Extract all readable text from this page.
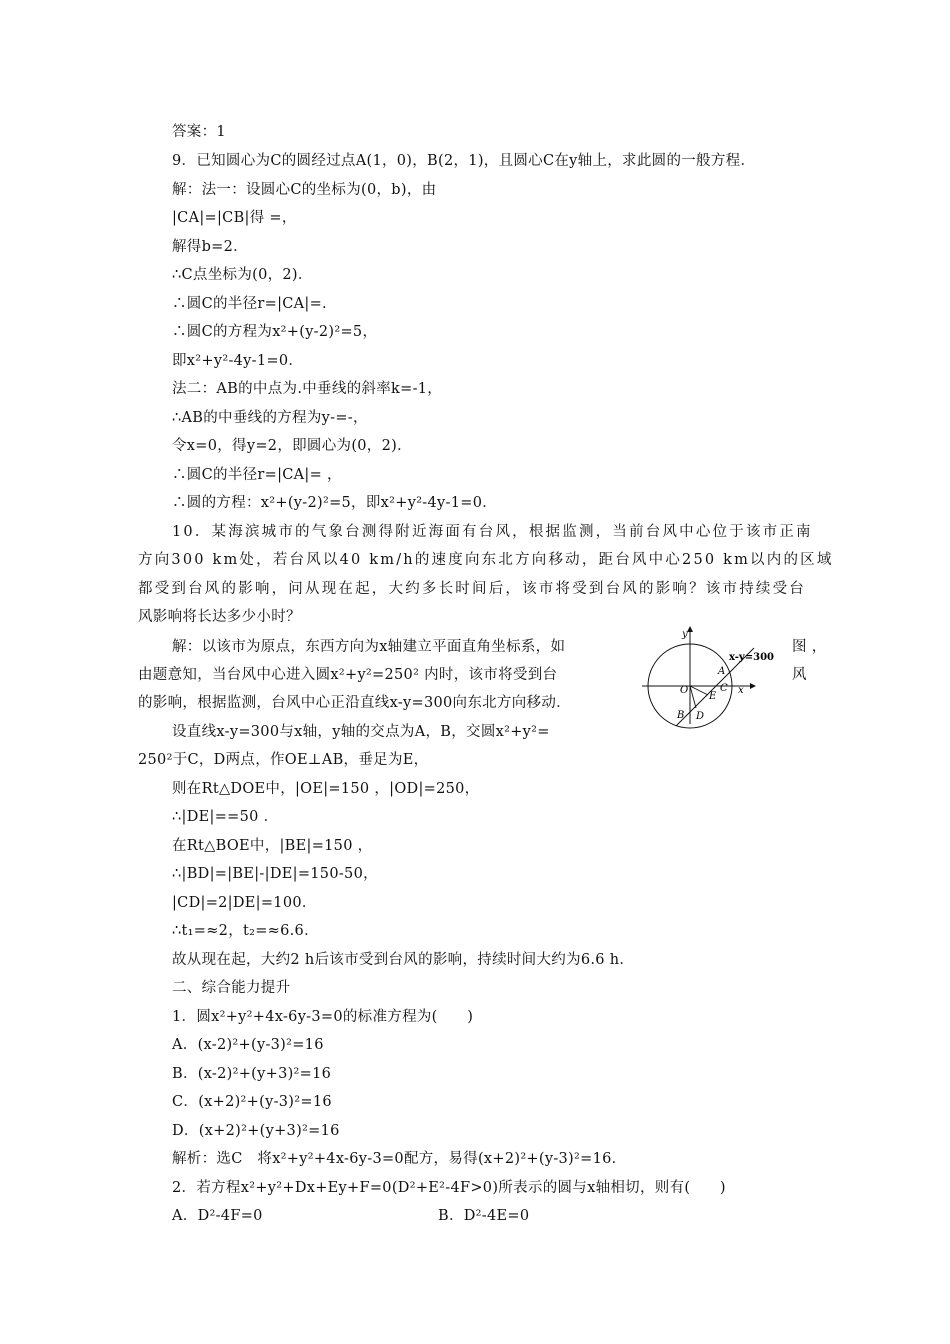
答案：1
9．已知圆心为C的圆经过点A(1，0)，B(2，1)，且圆心C在y轴上，求此圆的一般方程．
解：法一：设圆心C的坐标为(0，b)，由
|CA|=|CB|得 =，
解得b=2．
∴C点坐标为(0，2)．
∴圆C的半径r=|CA|=.
∴圆C的方程为x²+(y-2)²=5，
即x²+y²-4y-1=0．
法二：AB的中点为.中垂线的斜率k=-1，
∴AB的中垂线的方程为y-=-，
令x=0，得y=2，即圆心为(0，2)．
∴圆C的半径r=|CA|= ，
∴圆的方程：x²+(y-2)²=5，即x²+y²-4y-1=0．
10．某海滨城市的气象台测得附近海面有台风，根据监测，当前台风中心位于该市正南
方向300 km处，若台风以40 km/h的速度向东北方向移动，距台风中心250 km以内的区域
都受到台风的影响，问从现在起，大约多长时间后，该市将受到台风的影响？该市持续受台
风影响将长达多少小时？
解：以该市为原点，东西方向为x轴建立平面直角坐标系，如
由题意知，当台风中心进入圆x²+y²=250² 内时，该市将受到台
的影响，根据监测，台风中心正沿直线x-y=300向东北方向移动．
设直线x-y=300与x轴，y轴的交点为A，B，交圆x²+y²=
250²于C，D两点，作OE⊥AB，垂足为E，
图 ，
风
y
x
x-y=300
O
A
C
E
B D
则在Rt△DOE中，|OE|=150 ，|OD|=250，
∴|DE|==50 ．
在Rt△BOE中，|BE|=150 ，
∴|BD|=|BE|-|DE|=150-50，
|CD|=2|DE|=100．
∴t₁=≈2，t₂=≈6.6．
故从现在起，大约2 h后该市受到台风的影响，持续时间大约为6.6 h．
二、综合能力提升
1．圆x²+y²+4x-6y-3=0的标准方程为(　　)
A．(x-2)²+(y-3)²=16
B．(x-2)²+(y+3)²=16
C．(x+2)²+(y-3)²=16
D．(x+2)²+(y+3)²=16
解析：选C　将x²+y²+4x-6y-3=0配方，易得(x+2)²+(y-3)²=16．
2．若方程x²+y²+Dx+Ey+F=0(D²+E²-4F>0)所表示的圆与x轴相切，则有(　　)
A．D²-4F=0	B．D²-4E=0
